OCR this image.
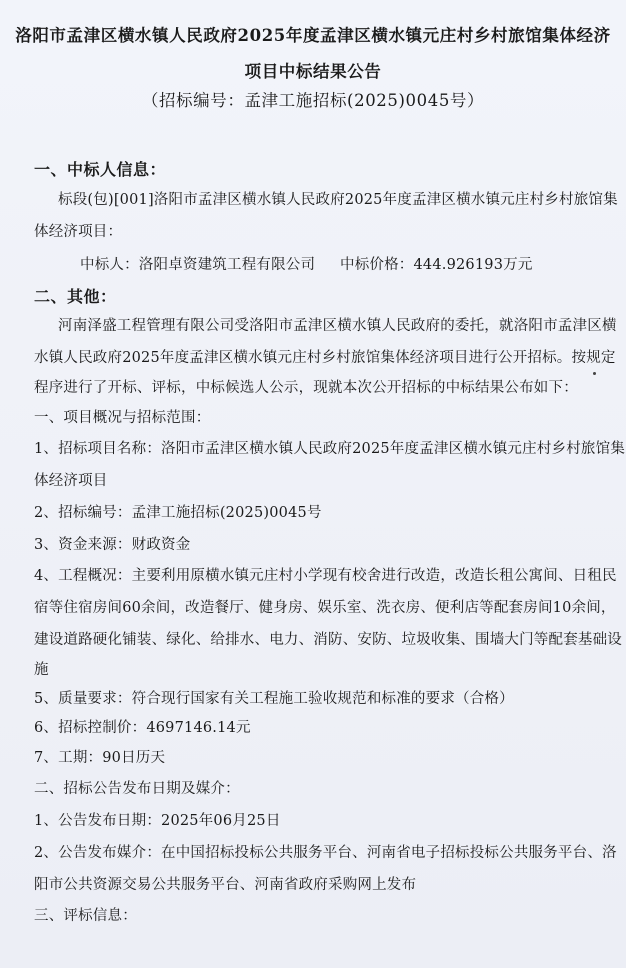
洛阳市孟津区横水镇人民政府2025年度孟津区横水镇元庄村乡村旅馆集体经济
项目中标结果公告
（招标编号：孟津工施招标(2025)0045号）
一、中标人信息：
标段(包)[001]洛阳市孟津区横水镇人民政府2025年度孟津区横水镇元庄村乡村旅馆集
体经济项目：
中标人：洛阳卓资建筑工程有限公司 中标价格：444.926193万元
二、其他：
河南泽盛工程管理有限公司受洛阳市孟津区横水镇人民政府的委托，就洛阳市孟津区横
水镇人民政府2025年度孟津区横水镇元庄村乡村旅馆集体经济项目进行公开招标。按规定
程序进行了开标、评标，中标候选人公示，现就本次公开招标的中标结果公布如下：
一、项目概况与招标范围：
1、招标项目名称：洛阳市孟津区横水镇人民政府2025年度孟津区横水镇元庄村乡村旅馆集
体经济项目
2、招标编号：孟津工施招标(2025)0045号
3、资金来源：财政资金
4、工程概况：主要利用原横水镇元庄村小学现有校舍进行改造，改造长租公寓间、日租民
宿等住宿房间60余间，改造餐厅、健身房、娱乐室、洗衣房、便利店等配套房间10余间，
建设道路硬化铺装、绿化、给排水、电力、消防、安防、垃圾收集、围墙大门等配套基础设
施
5、质量要求：符合现行国家有关工程施工验收规范和标准的要求（合格）
6、招标控制价：4697146.14元
7、工期：90日历天
二、招标公告发布日期及媒介：
1、公告发布日期：2025年06月25日
2、公告发布媒介：在中国招标投标公共服务平台、河南省电子招标投标公共服务平台、洛
阳市公共资源交易公共服务平台、河南省政府采购网上发布
三、评标信息：
